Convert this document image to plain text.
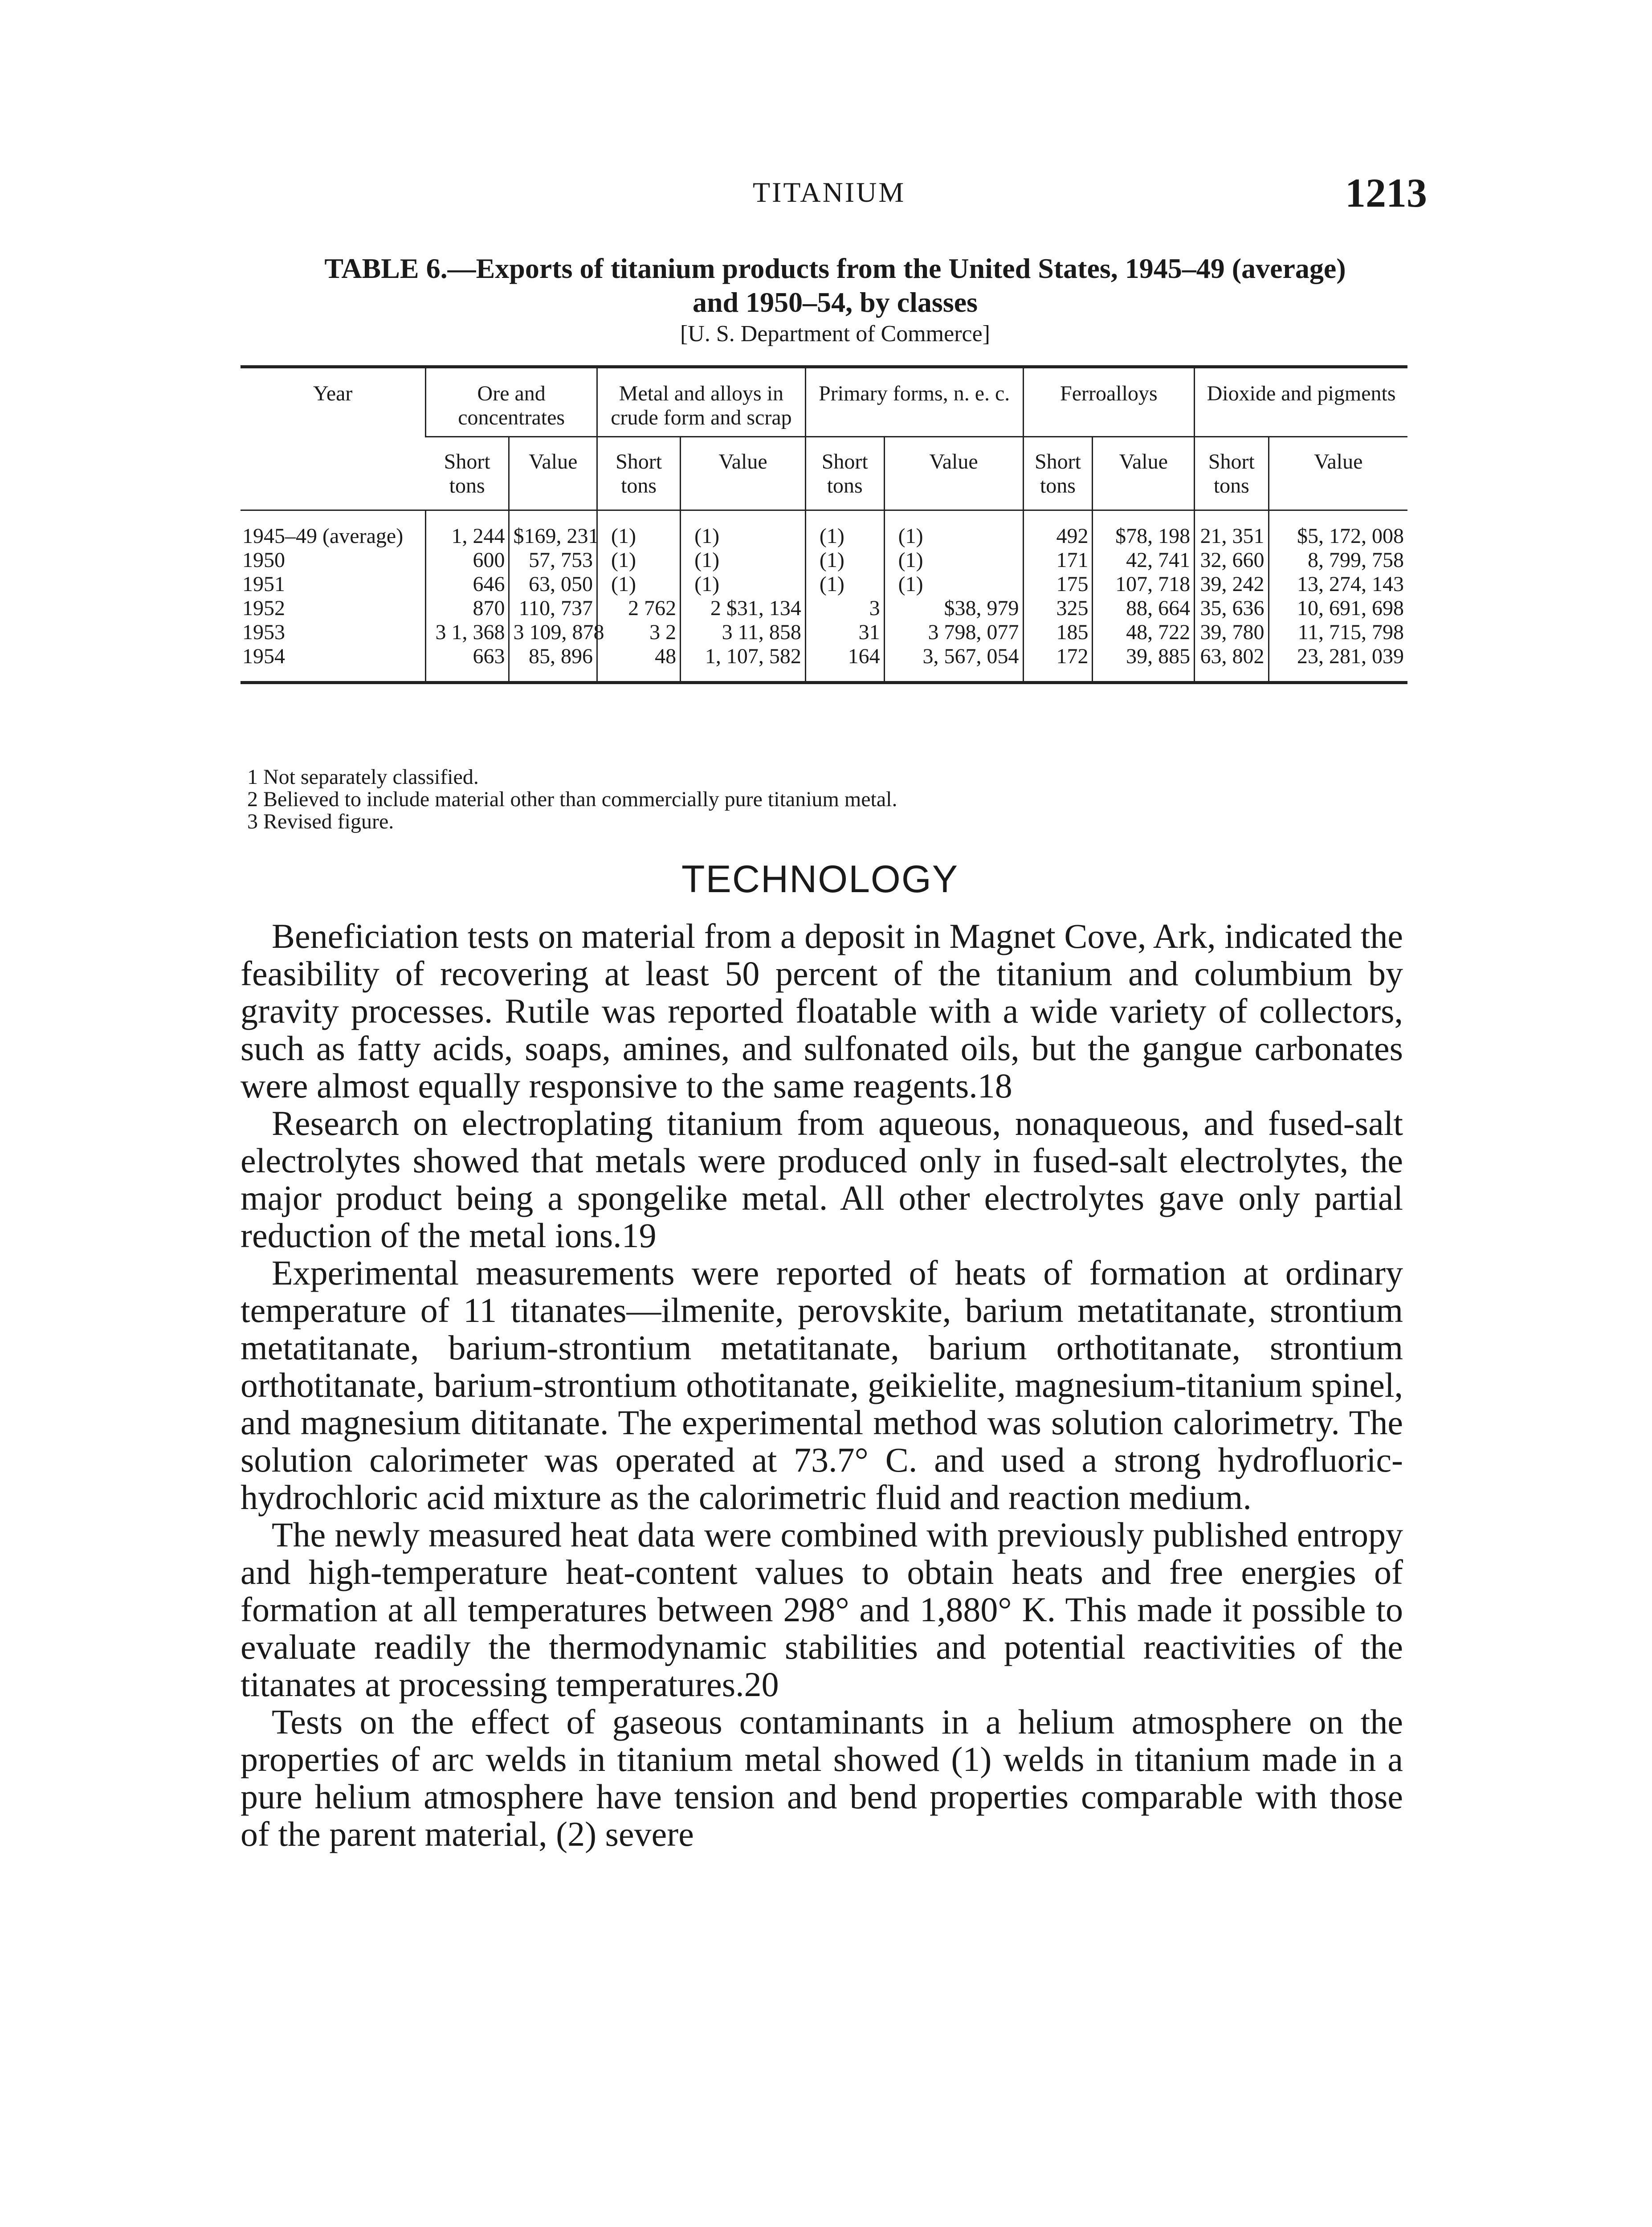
TITANIUM	1213
TABLE 6.—Exports of titanium products from the United States, 1945–49 (average)
and 1950–54, by classes
[U. S. Department of Commerce]
Year	Ore and concentrates		Metal and alloys in crude form and scrap		Primary forms, n. e. c.		Ferroalloys		Dioxide and pigments	
	Short tons	Value	Short tons	Value	Short tons	Value	Short tons	Value	Short tons	Value
1945–49 (average)	1, 244	$169, 231	(1)	(1)	(1)	(1)	492	$78, 198	21, 351	$5, 172, 008
1950	600	57, 753	(1)	(1)	(1)	(1)	171	42, 741	32, 660	8, 799, 758
1951	646	63, 050	(1)	(1)	(1)	(1)	175	107, 718	39, 242	13, 274, 143
1952	870	110, 737	2 762	2 $31, 134	3	$38, 979	325	88, 664	35, 636	10, 691, 698
1953	3 1, 368	3 109, 878	3 2	3 11, 858	31	3 798, 077	185	48, 722	39, 780	11, 715, 798
1954	663	85, 896	48	1, 107, 582	164	3, 567, 054	172	39, 885	63, 802	23, 281, 039
1 Not separately classified.
2 Believed to include material other than commercially pure titanium metal.
3 Revised figure.
TECHNOLOGY

Beneficiation tests on material from a deposit in Magnet Cove, Ark, indicated the feasibility of recovering at least 50 percent of the titanium and columbium by gravity processes. Rutile was reported floatable with a wide variety of collectors, such as fatty acids, soaps, amines, and sulfonated oils, but the gangue carbonates were almost equally responsive to the same reagents.18

Research on electroplating titanium from aqueous, nonaqueous, and fused-salt electrolytes showed that metals were produced only in fused-salt electrolytes, the major product being a spongelike metal. All other electrolytes gave only partial reduction of the metal ions.19

Experimental measurements were reported of heats of formation at ordinary temperature of 11 titanates—ilmenite, perovskite, barium metatitanate, strontium metatitanate, barium-strontium metatitanate, barium orthotitanate, strontium orthotitanate, barium-strontium othotitanate, geikielite, magnesium-titanium spinel, and magnesium dititanate. The experimental method was solution calorimetry. The solution calorimeter was operated at 73.7° C. and used a strong hydrofluoric-hydrochloric acid mixture as the calorimetric fluid and reaction medium.

The newly measured heat data were combined with previously published entropy and high-temperature heat-content values to obtain heats and free energies of formation at all temperatures between 298° and 1,880° K. This made it possible to evaluate readily the thermodynamic stabilities and potential reactivities of the titanates at processing temperatures.20

Tests on the effect of gaseous contaminants in a helium atmosphere on the properties of arc welds in titanium metal showed (1) welds in titanium made in a pure helium atmosphere have tension and bend properties comparable with those of the parent material, (2) severe
